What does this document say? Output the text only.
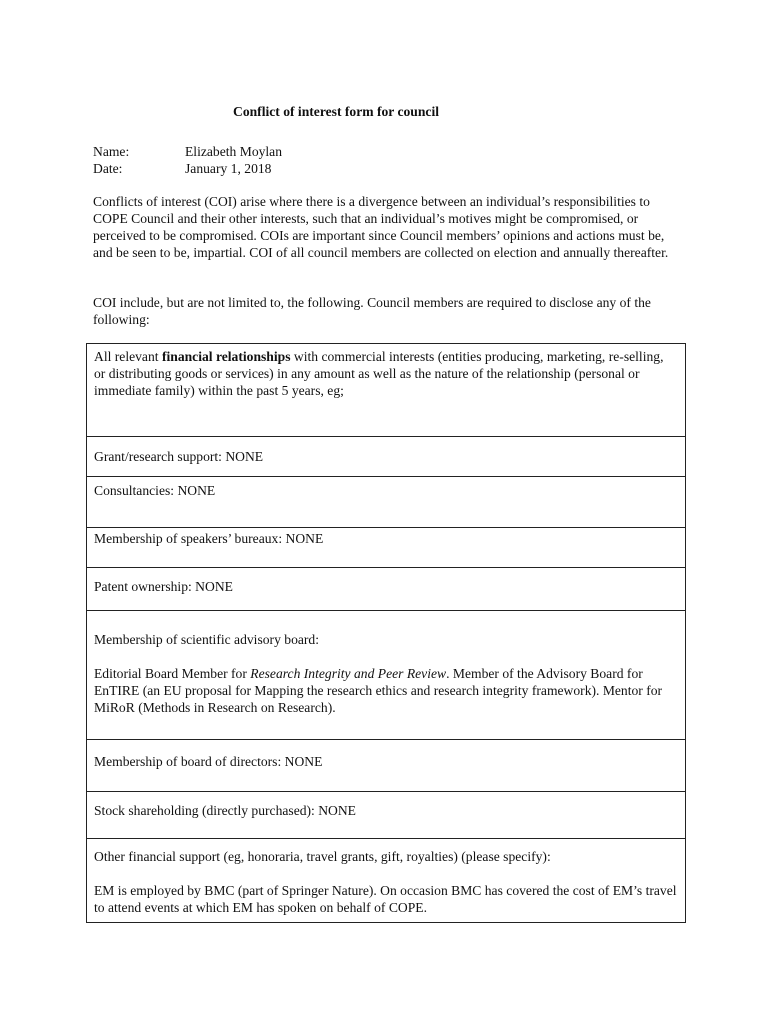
Conflict of interest form for council
Name:	Elizabeth Moylan
Date:	January 1, 2018

Conflicts of interest (COI) arise where there is a divergence between an individual’s responsibilities to COPE Council and their other interests, such that an individual’s motives might be compromised, or perceived to be compromised. COIs are important since Council members’ opinions and actions must be, and be seen to be, impartial. COI of all council members are collected on election and annually thereafter.

COI include, but are not limited to, the following. Council members are required to disclose any of the following:

All relevant financial relationships with commercial interests (entities producing, marketing, re-selling, or distributing goods or services) in any amount as well as the nature of the relationship (personal or immediate family) within the past 5 years, eg;

Grant/research support: NONE

Consultancies: NONE

Membership of speakers’ bureaux: NONE

Patent ownership: NONE

Membership of scientific advisory board:

Editorial Board Member for Research Integrity and Peer Review. Member of the Advisory Board for EnTIRE (an EU proposal for Mapping the research ethics and research integrity framework). Mentor for MiRoR (Methods in Research on Research).

Membership of board of directors: NONE

Stock shareholding (directly purchased): NONE

Other financial support (eg, honoraria, travel grants, gift, royalties) (please specify):

EM is employed by BMC (part of Springer Nature). On occasion BMC has covered the cost of EM’s travel to attend events at which EM has spoken on behalf of COPE.
